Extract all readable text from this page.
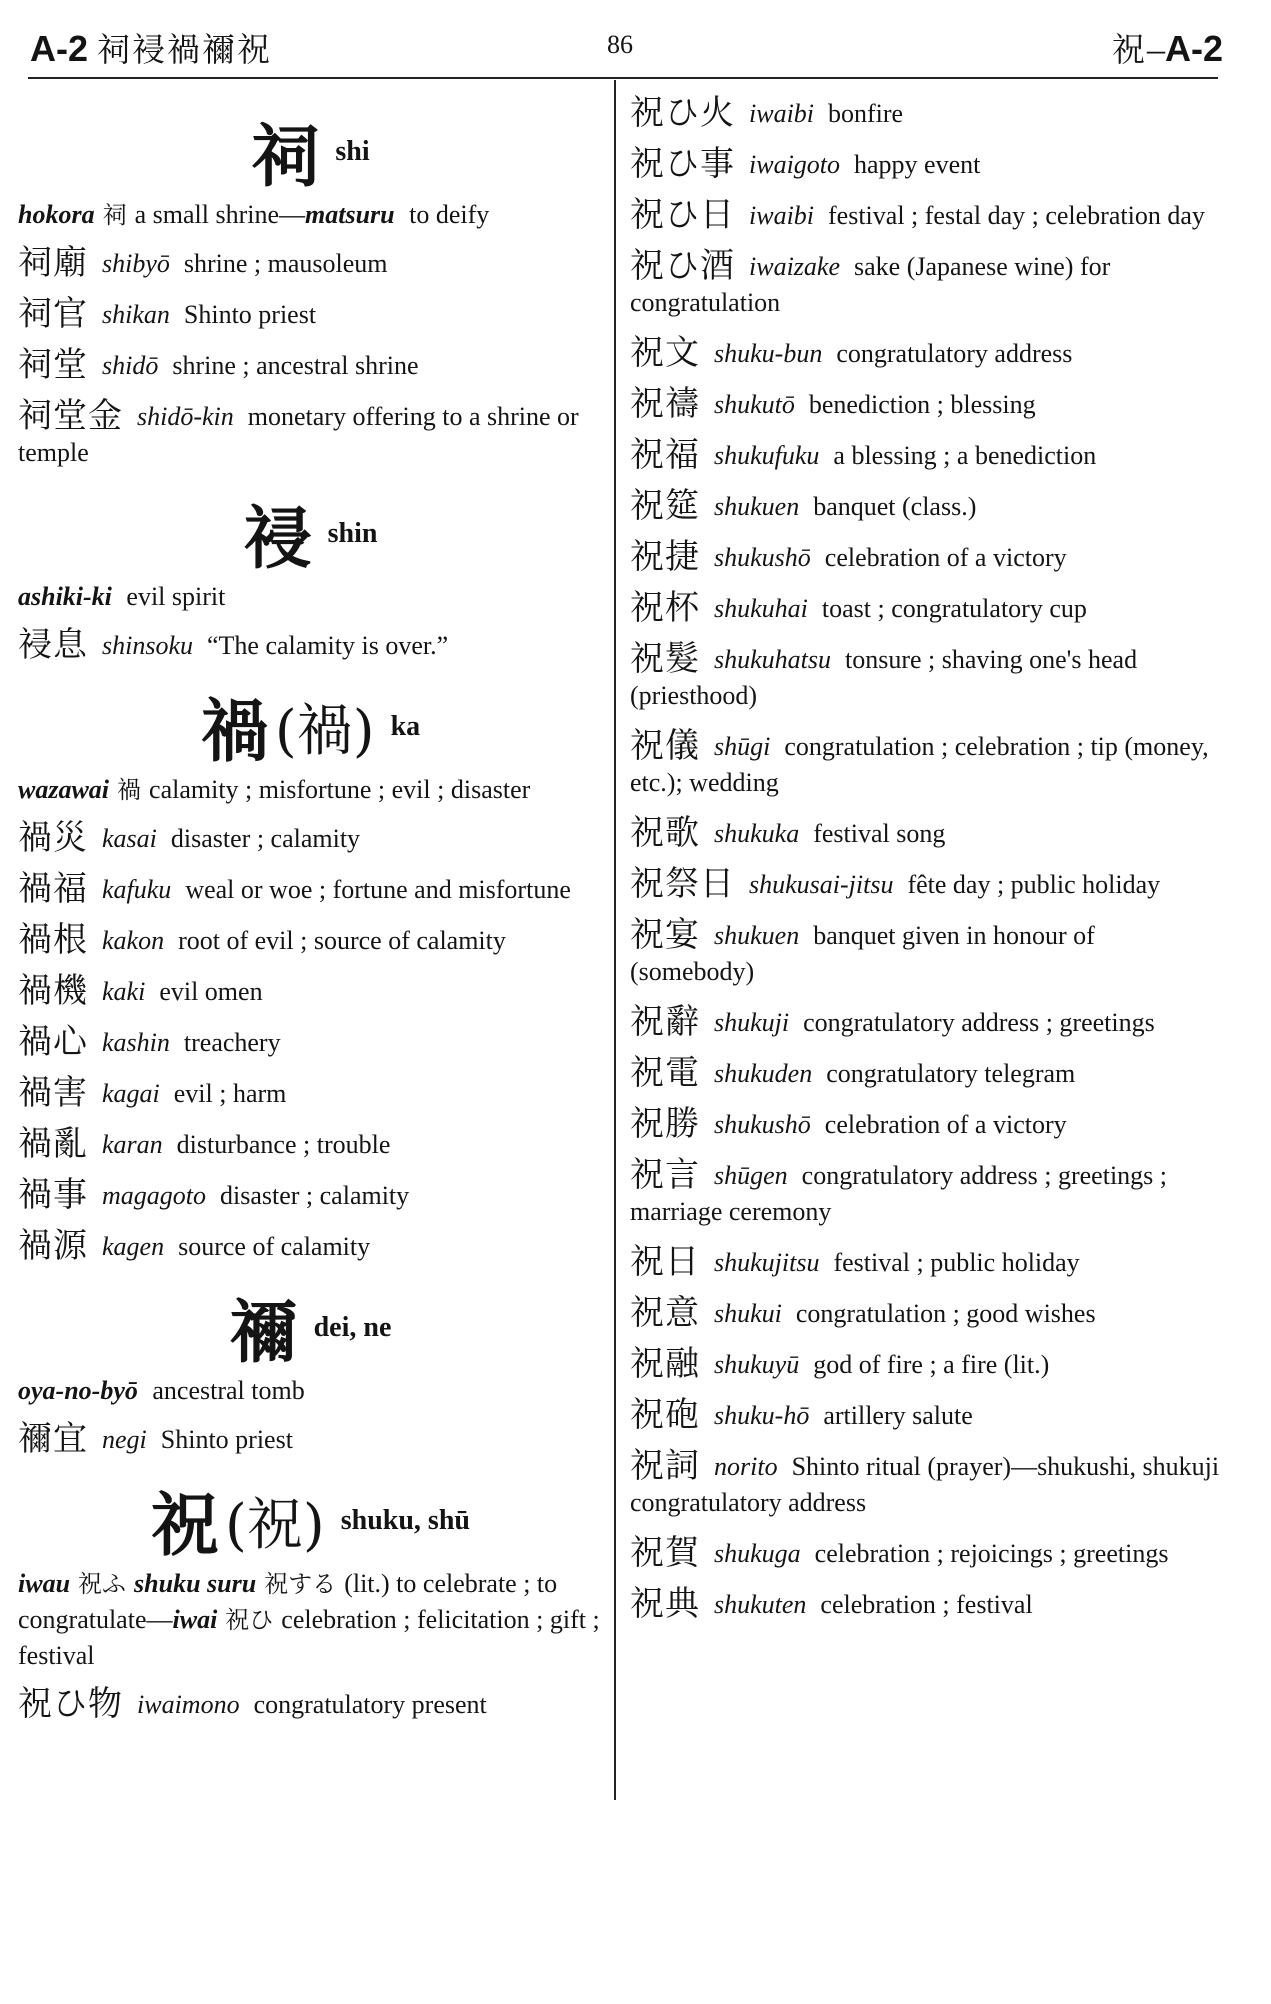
A-2 祠祲禍禰祝	86	祝–A-2
祠shi
hokora 祠 a small shrine—matsuru to deify
祠廟 shibyō shrine ; mausoleum
祠官 shikan Shinto priest
祠堂 shidō shrine ; ancestral shrine
祠堂金 shidō-kin monetary offering to a shrine or temple
祲shin
ashiki-ki evil spirit
祲息 shinsoku “The calamity is over.”
禍 (禍) ka
wazawai 禍 calamity ; misfortune ; evil ; disaster
禍災 kasai disaster ; calamity
禍福 kafuku weal or woe ; fortune and misfortune
禍根 kakon root of evil ; source of calamity
禍機 kaki evil omen
禍心 kashin treachery
禍害 kagai evil ; harm
禍亂 karan disturbance ; trouble
禍事 magagoto disaster ; calamity
禍源 kagen source of calamity
禰dei, ne
oya-no-byō ancestral tomb
禰宜 negi Shinto priest
祝 (祝) shuku, shū
iwau 祝ふ shuku suru 祝する (lit.) to celebrate ; to congratulate—iwai 祝ひ celebration ; felicitation ; gift ; festival
祝ひ物 iwaimono congratulatory present
祝ひ火 iwaibi bonfire
祝ひ事 iwaigoto happy event
祝ひ日 iwaibi festival ; festal day ; celebration day
祝ひ酒 iwaizake sake (Japanese wine) for congratulation
祝文 shuku-bun congratulatory address
祝禱 shukutō benediction ; blessing
祝福 shukufuku a blessing ; a benediction
祝筵 shukuen banquet (class.)
祝捷 shukushō celebration of a victory
祝杯 shukuhai toast ; congratulatory cup
祝髮 shukuhatsu tonsure ; shaving one's head (priesthood)
祝儀 shūgi congratulation ; celebration ; tip (money, etc.); wedding
祝歌 shukuka festival song
祝祭日 shukusai-jitsu fête day ; public holiday
祝宴 shukuen banquet given in honour of (somebody)
祝辭 shukuji congratulatory address ; greetings
祝電 shukuden congratulatory telegram
祝勝 shukushō celebration of a victory
祝言 shūgen congratulatory address ; greetings ; marriage ceremony
祝日 shukujitsu festival ; public holiday
祝意 shukui congratulation ; good wishes
祝融 shukuyū god of fire ; a fire (lit.)
祝砲 shuku-hō artillery salute
祝詞 norito Shinto ritual (prayer)—shukushi, shukuji congratulatory address
祝賀 shukuga celebration ; rejoicings ; greetings
祝典 shukuten celebration ; festival
